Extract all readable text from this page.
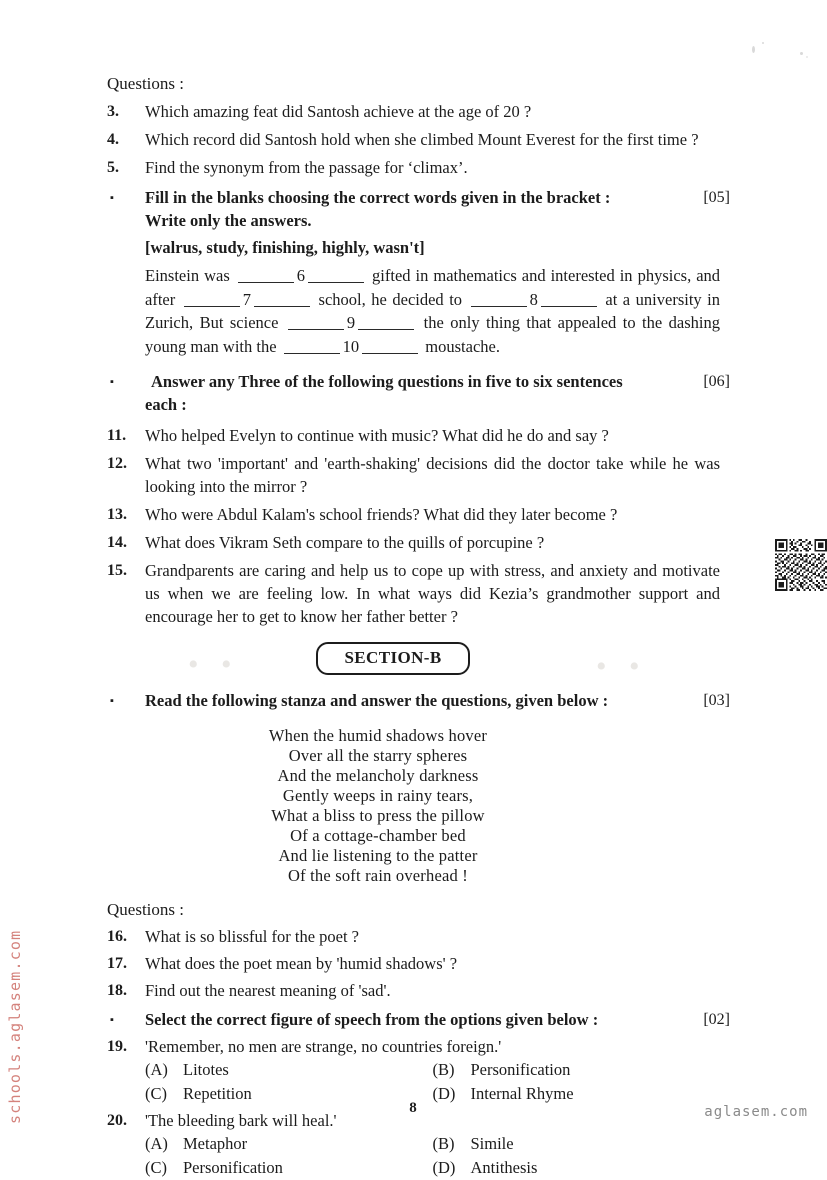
•   •	•   •
schools.aglasem.com	aglasem.com
Questions :
3.	Which amazing feat did Santosh achieve at the age of 20 ?
4.	Which record did Santosh hold when she climbed Mount Everest for the first time ?
5.	Find the synonym from the passage for ‘climax’.
▪
Fill in the blanks choosing the correct words given in the bracket :	[05]
Write only the answers.
[walrus, study, finishing, highly, wasn't]
Einstein was	6	gifted in mathematics and interested in physics, and after	7	school, he decided to	8	at a university in Zurich, But science	9	the only thing that appealed to the dashing young man with the	10	moustache.
▪
Answer any Three of the following questions in five to six sentences	[06]
each :
11.	Who helped Evelyn to continue with music? What did he do and say ?
12.	What two 'important' and 'earth-shaking' decisions did the doctor take while he was looking into the mirror ?
13.	Who were Abdul Kalam's school friends? What did they later become ?
14.	What does Vikram Seth compare to the quills of porcupine ?
15.	Grandparents are caring and help us to cope up with stress, and anxiety and motivate us when we are feeling low. In what ways did Kezia’s grandmother support and encourage her to get to know her father better ?
SECTION-B
▪
Read the following stanza and answer the questions, given below :	[03]
When the humid shadows hover
Over all the starry spheres
And the melancholy darkness
Gently weeps in rainy tears,
What a bliss to press the pillow
Of a cottage-chamber bed
And lie listening to the patter
Of the soft rain overhead !
Questions :
16.	What is so blissful for the poet ?
17.	What does the poet mean by 'humid shadows' ?
18.	Find out the nearest meaning of 'sad'.
▪
Select the correct figure of speech from the options given below :	[02]
19.	'Remember, no men are strange, no countries foreign.'
(A) Litotes	(B) Personification
(C) Repetition	(D) Internal Rhyme
20.	'The bleeding bark will heal.'
(A) Metaphor	(B) Simile
(C) Personification	(D) Antithesis
8
